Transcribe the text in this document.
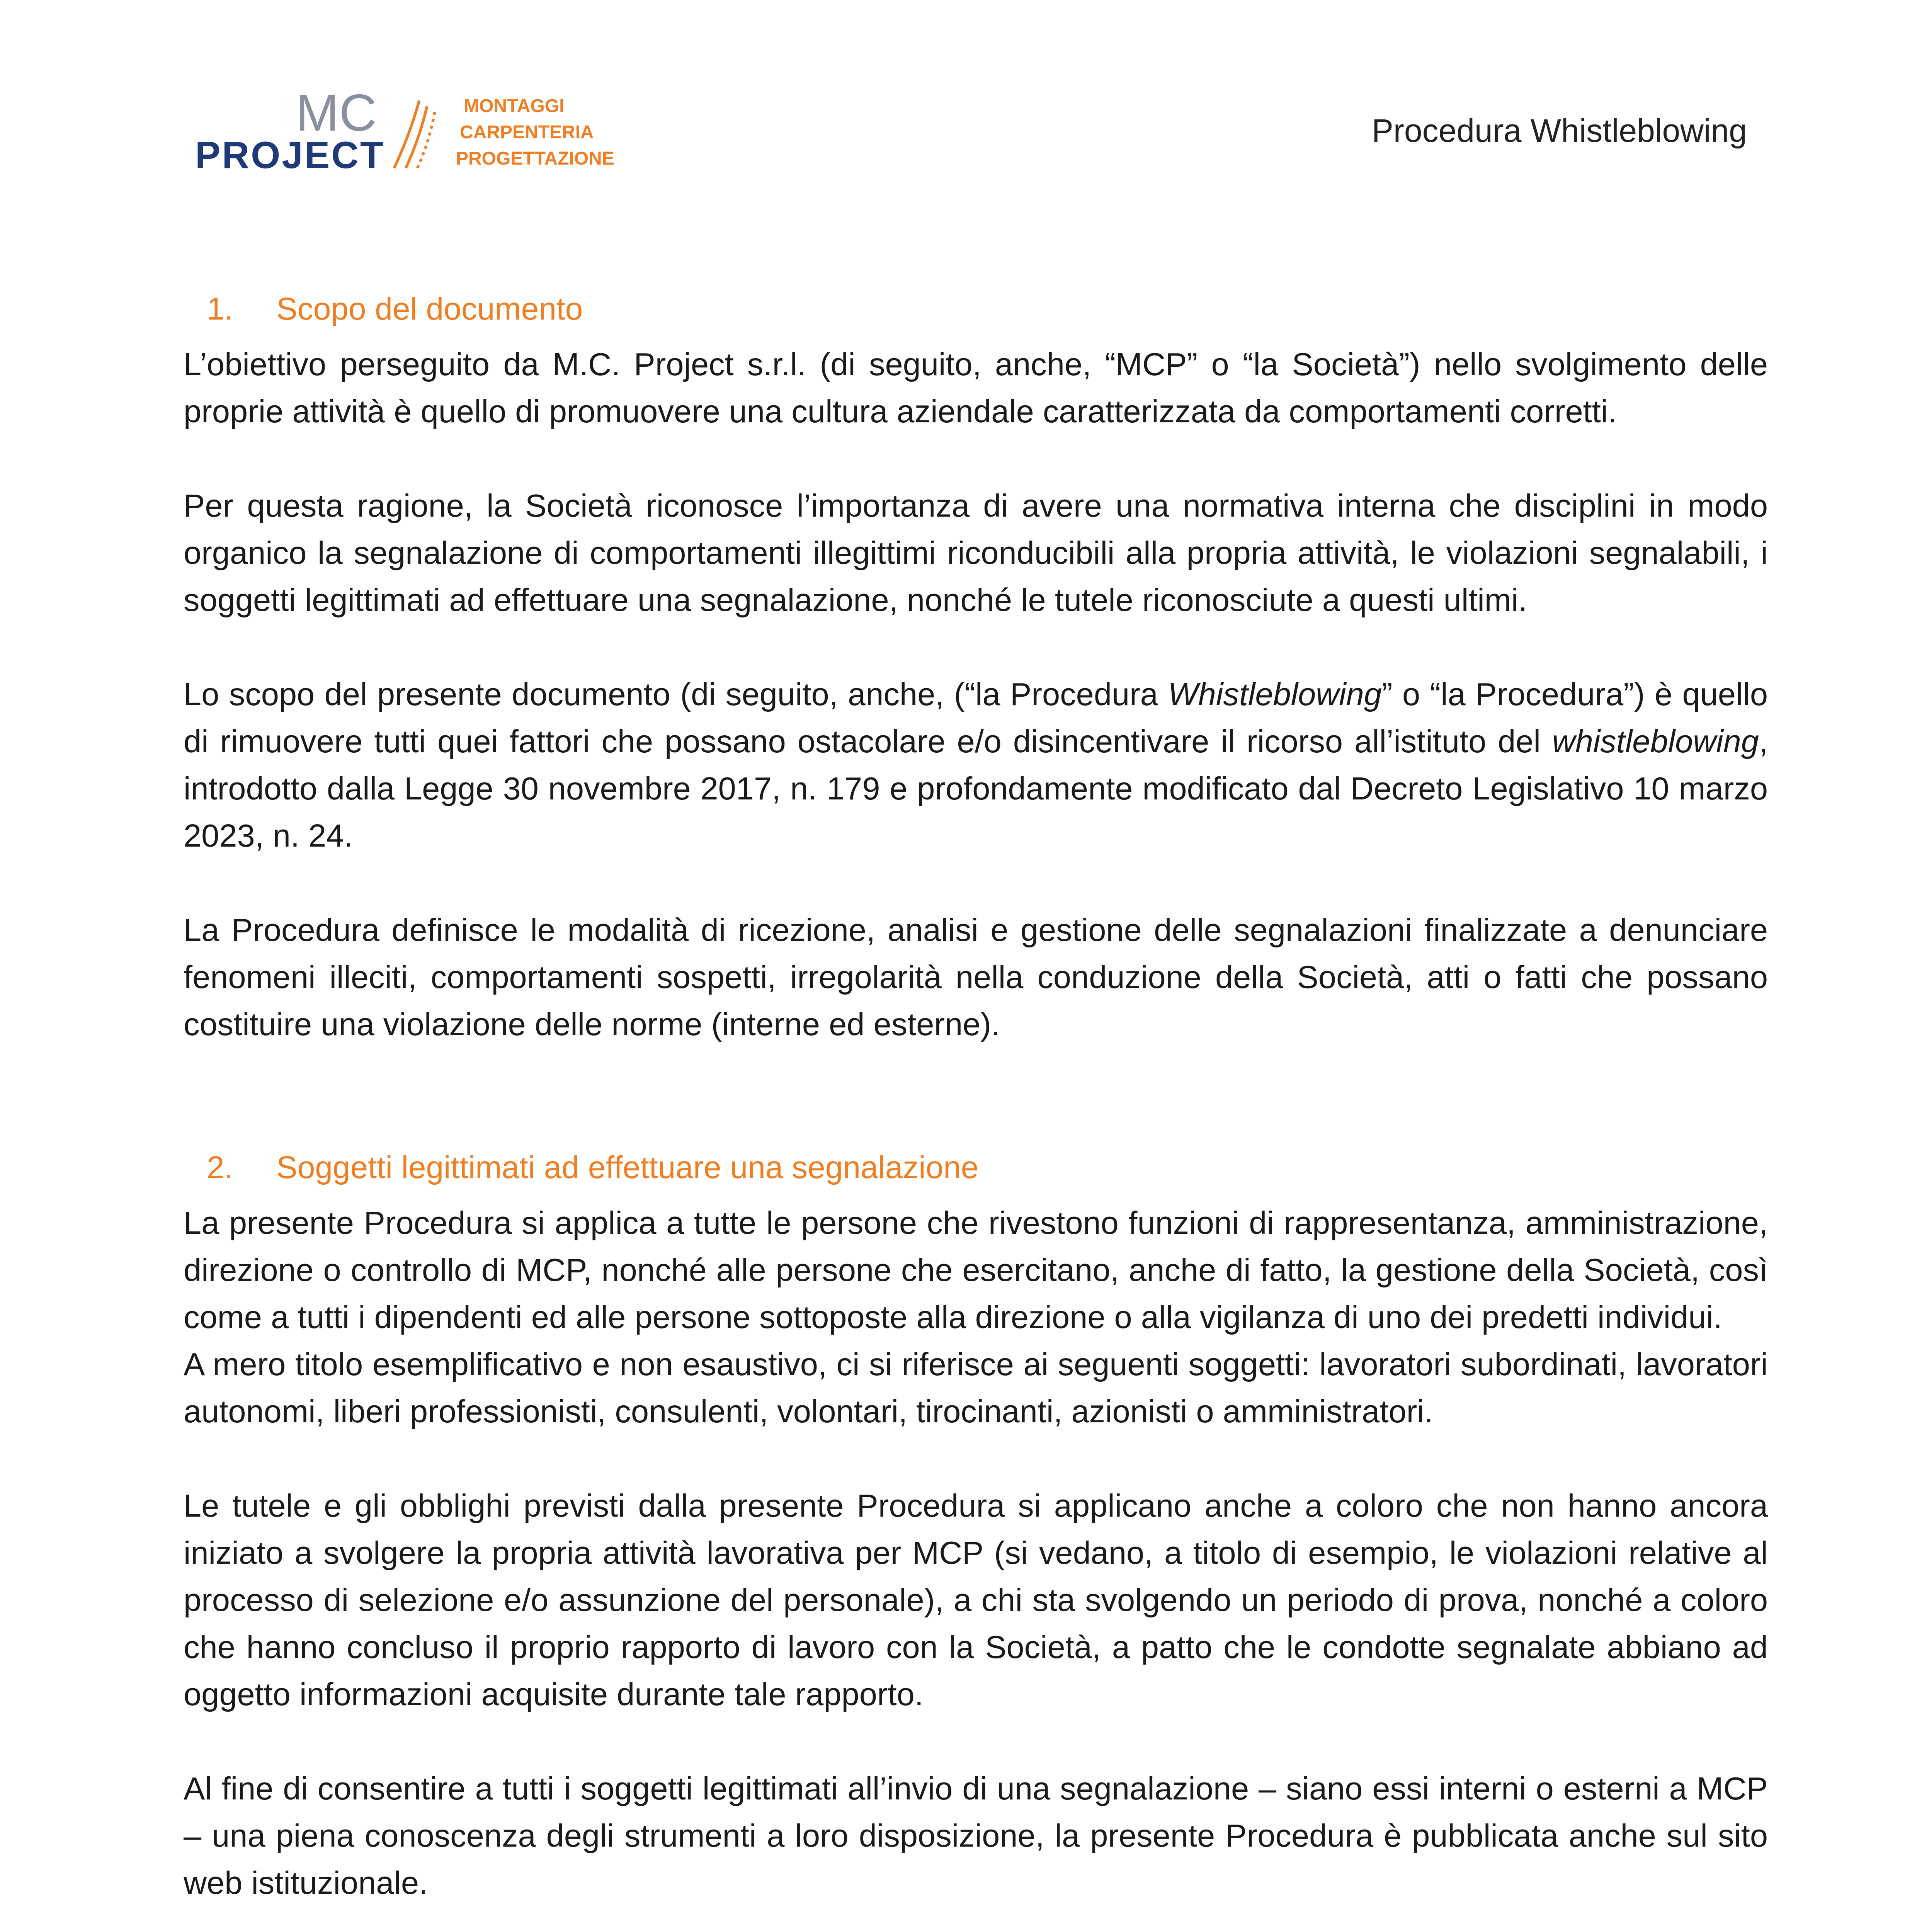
MC
PROJECT
MONTAGGI
CARPENTERIA
PROGETTAZIONE
Procedura Whistleblowing
1.	Scopo del documento

L’obiettivo perseguito da M.C. Project s.r.l. (di seguito, anche, “MCP” o “la Società”) nello svolgimento delle proprie attività è quello di promuovere una cultura aziendale caratterizzata da comportamenti corretti.

Per questa ragione, la Società riconosce l’importanza di avere una normativa interna che disciplini in modo organico la segnalazione di comportamenti illegittimi riconducibili alla propria attività, le violazioni segnalabili, i soggetti legittimati ad effettuare una segnalazione, nonché le tutele riconosciute a questi ultimi.

Lo scopo del presente documento (di seguito, anche, (“la Procedura Whistleblowing” o “la Procedura”) è quello di rimuovere tutti quei fattori che possano ostacolare e/o disincentivare il ricorso all’istituto del whistleblowing, introdotto dalla Legge 30 novembre 2017, n. 179 e profondamente modificato dal Decreto Legislativo 10 marzo 2023, n. 24.

La Procedura definisce le modalità di ricezione, analisi e gestione delle segnalazioni finalizzate a denunciare fenomeni illeciti, comportamenti sospetti, irregolarità nella conduzione della Società, atti o fatti che possano costituire una violazione delle norme (interne ed esterne).

2.	Soggetti legittimati ad effettuare una segnalazione

La presente Procedura si applica a tutte le persone che rivestono funzioni di rappresentanza, amministrazione, direzione o controllo di MCP, nonché alle persone che esercitano, anche di fatto, la gestione della Società, così come a tutti i dipendenti ed alle persone sottoposte alla direzione o alla vigilanza di uno dei predetti individui.

A mero titolo esemplificativo e non esaustivo, ci si riferisce ai seguenti soggetti: lavoratori subordinati, lavoratori autonomi, liberi professionisti, consulenti, volontari, tirocinanti, azionisti o amministratori.

Le tutele e gli obblighi previsti dalla presente Procedura si applicano anche a coloro che non hanno ancora iniziato a svolgere la propria attività lavorativa per MCP (si vedano, a titolo di esempio, le violazioni relative al processo di selezione e/o assunzione del personale), a chi sta svolgendo un periodo di prova, nonché a coloro che hanno concluso il proprio rapporto di lavoro con la Società, a patto che le condotte segnalate abbiano ad oggetto informazioni acquisite durante tale rapporto.

Al fine di consentire a tutti i soggetti legittimati all’invio di una segnalazione – siano essi interni o esterni a MCP – una piena conoscenza degli strumenti a loro disposizione, la presente Procedura è pubblicata anche sul sito web istituzionale.
